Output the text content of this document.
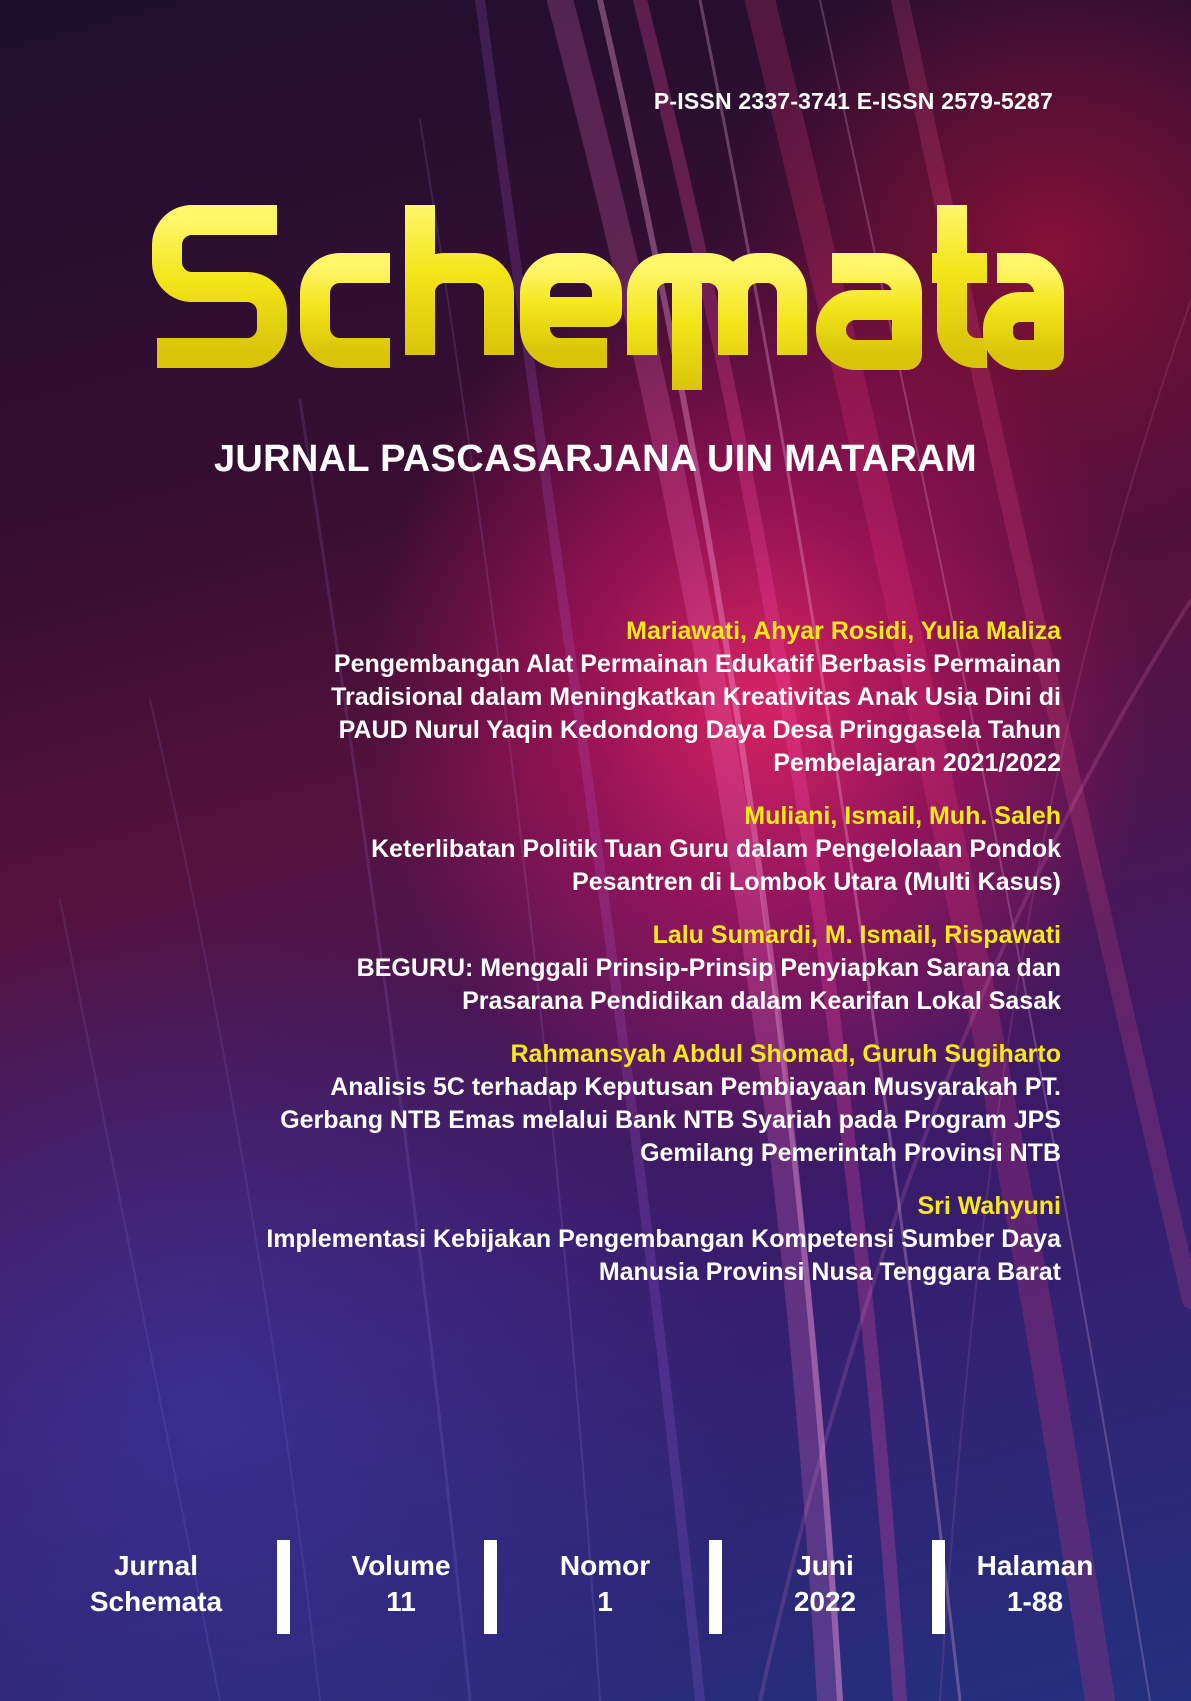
P-ISSN 2337-3741 E-ISSN 2579-5287
JURNAL PASCASARJANA UIN MATARAM
Mariawati, Ahyar Rosidi, Yulia Maliza
Pengembangan Alat Permainan Edukatif Berbasis Permainan
Tradisional dalam Meningkatkan Kreativitas Anak Usia Dini di
PAUD Nurul Yaqin Kedondong Daya Desa Pringgasela Tahun
Pembelajaran 2021/2022
Muliani, Ismail, Muh. Saleh
Keterlibatan Politik Tuan Guru dalam Pengelolaan Pondok
Pesantren di Lombok Utara (Multi Kasus)
Lalu Sumardi, M. Ismail, Rispawati
BEGURU: Menggali Prinsip-Prinsip Penyiapkan Sarana dan
Prasarana Pendidikan dalam Kearifan Lokal Sasak
Rahmansyah Abdul Shomad, Guruh Sugiharto
Analisis 5C terhadap Keputusan Pembiayaan Musyarakah PT.
Gerbang NTB Emas melalui Bank NTB Syariah pada Program JPS
Gemilang Pemerintah Provinsi NTB
Sri Wahyuni
Implementasi Kebijakan Pengembangan Kompetensi Sumber Daya
Manusia Provinsi Nusa Tenggara Barat
Jurnal
Schemata
Volume
11
Nomor
1
Juni
2022
Halaman
1-88
